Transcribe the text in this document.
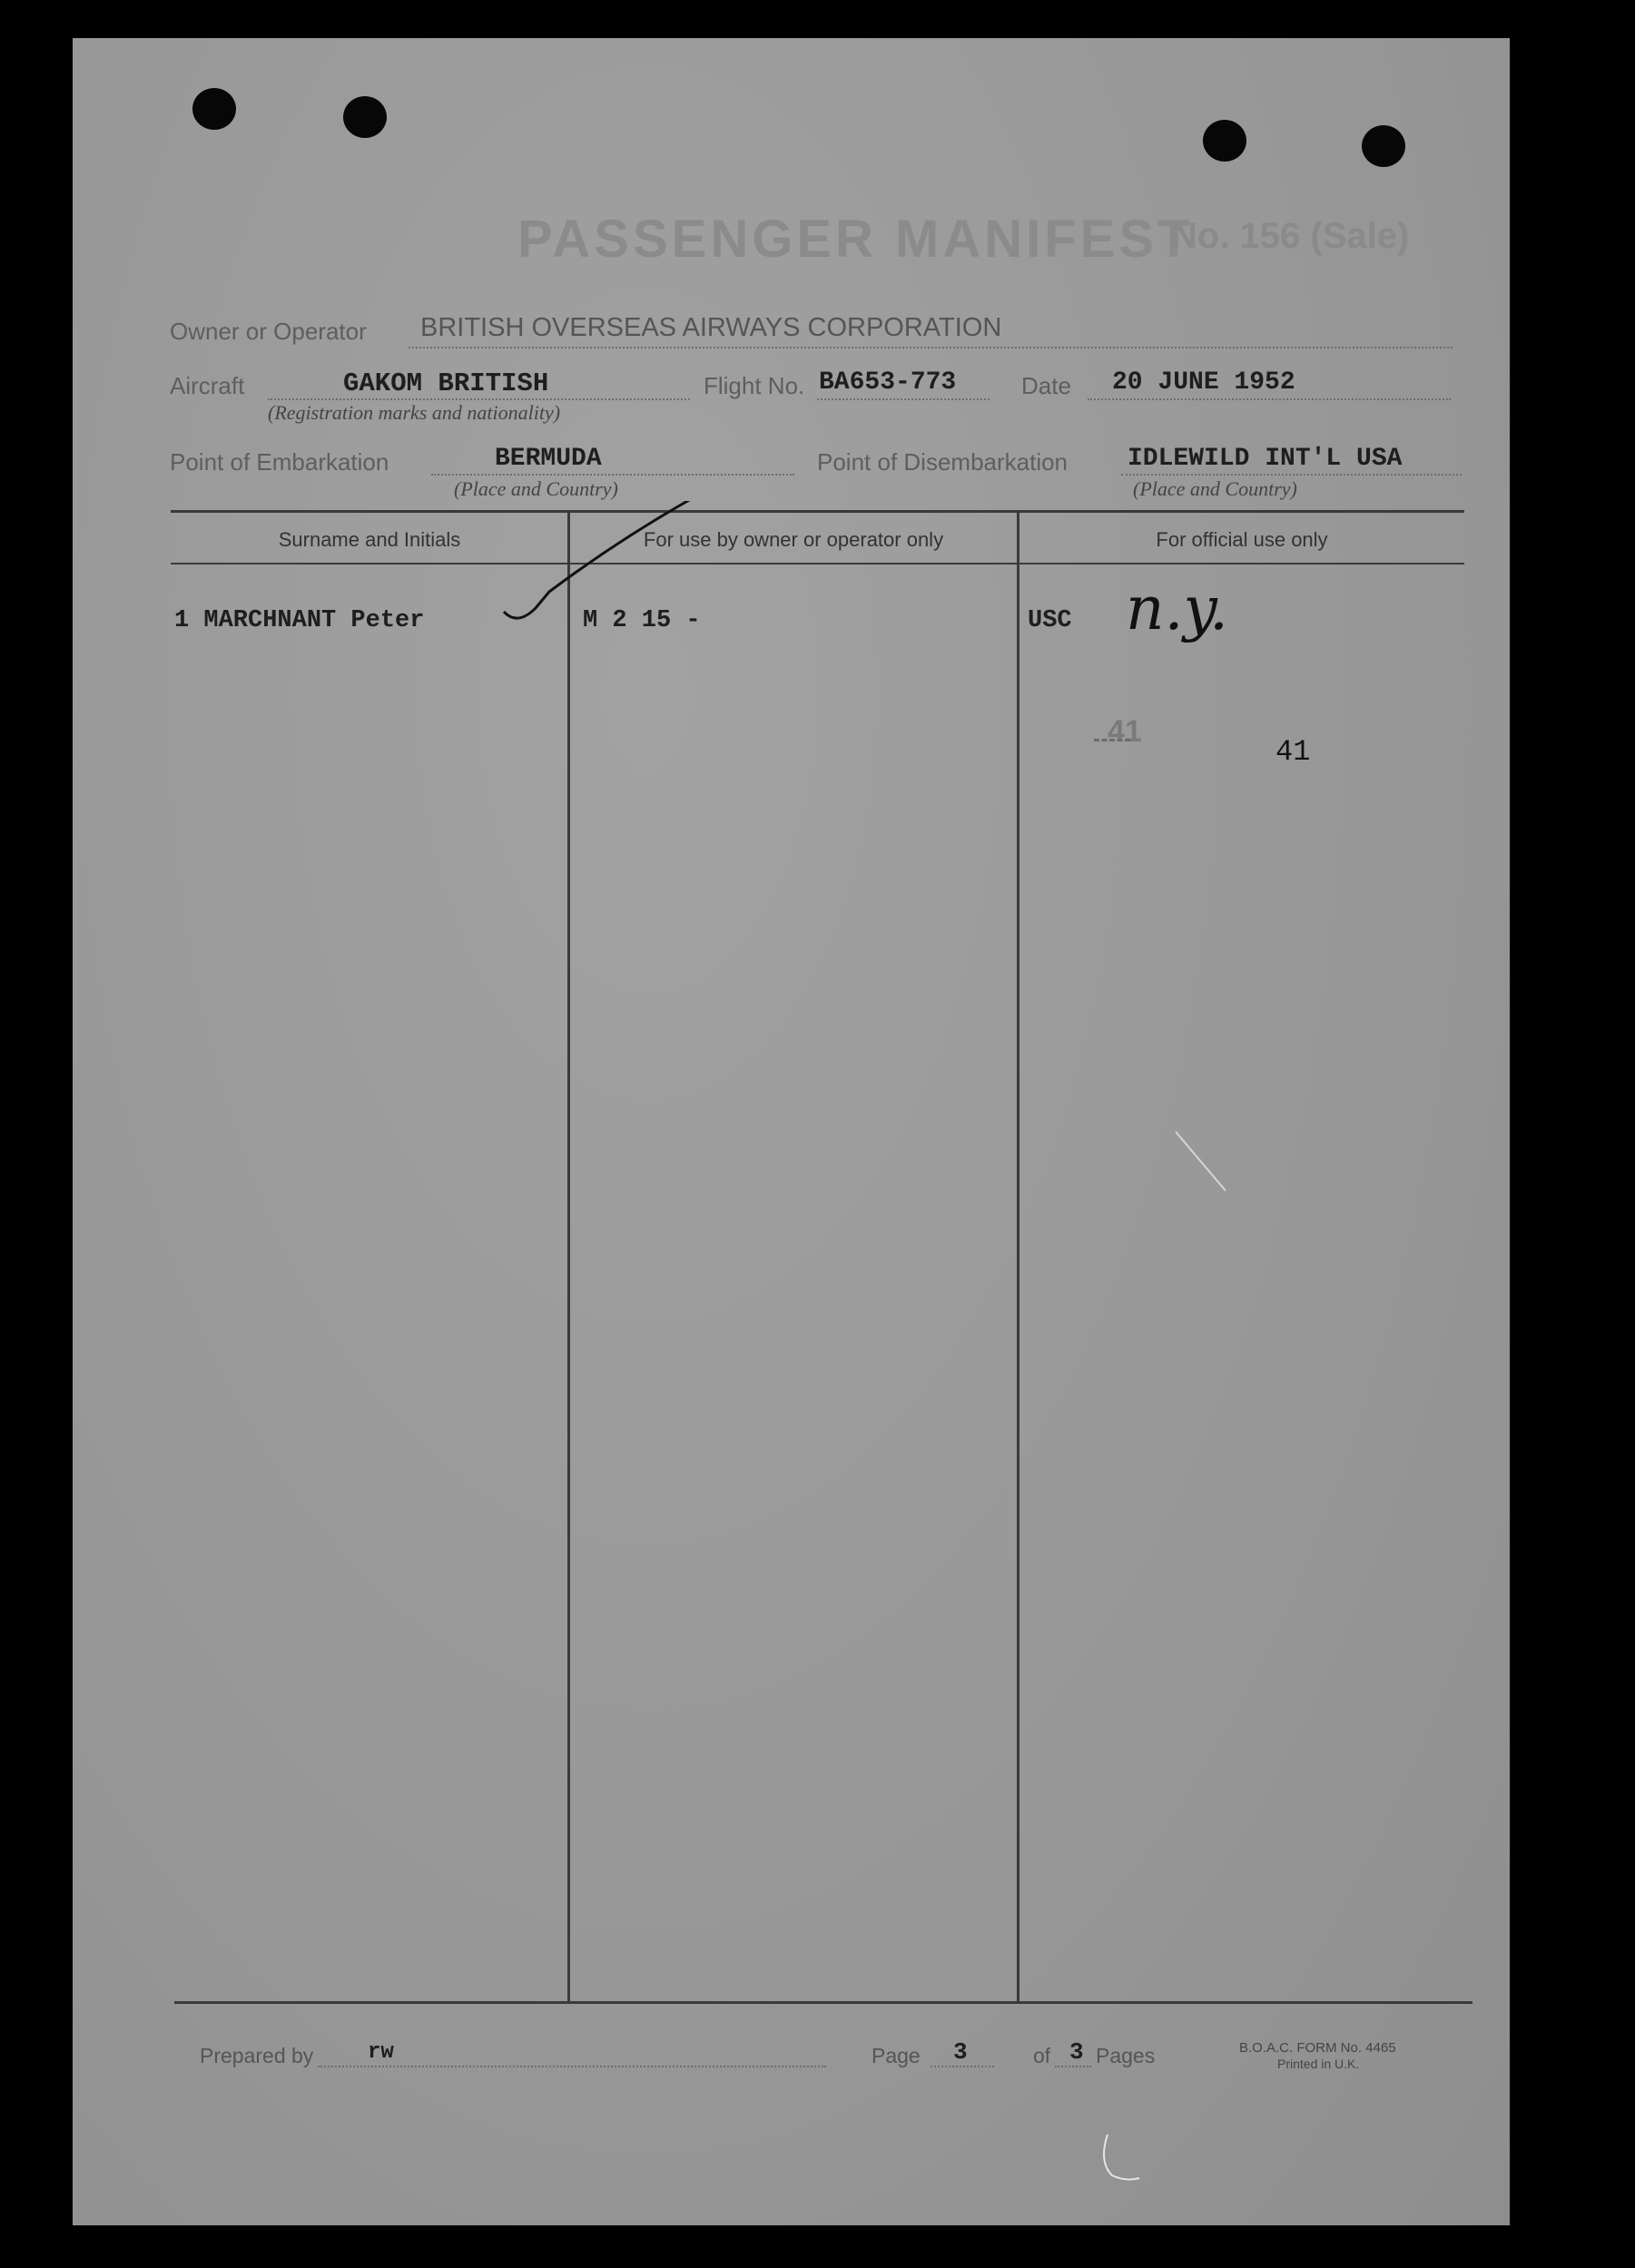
PASSENGER MANIFEST
No. 156 (Sale)
Owner or Operator BRITISH OVERSEAS AIRWAYS CORPORATION
Aircraft	GAKOM BRITISH
(Registration marks and nationality)
Flight No. BA653-773	Date 20 JUNE 1952
Point of Embarkation	BERMUDA
(Place and Country)
Point of Disembarkation IDLEWILD INT'L USA
(Place and Country)
Surname and Initials	For use by owner or operator only	For official use only
1 MARCHNANT Peter	M 2 15 -	USC n.y.
41
41
Prepared by rw	Page 3	of 3 Pages	B.O.A.C. FORM No. 4465
Printed in U.K.
